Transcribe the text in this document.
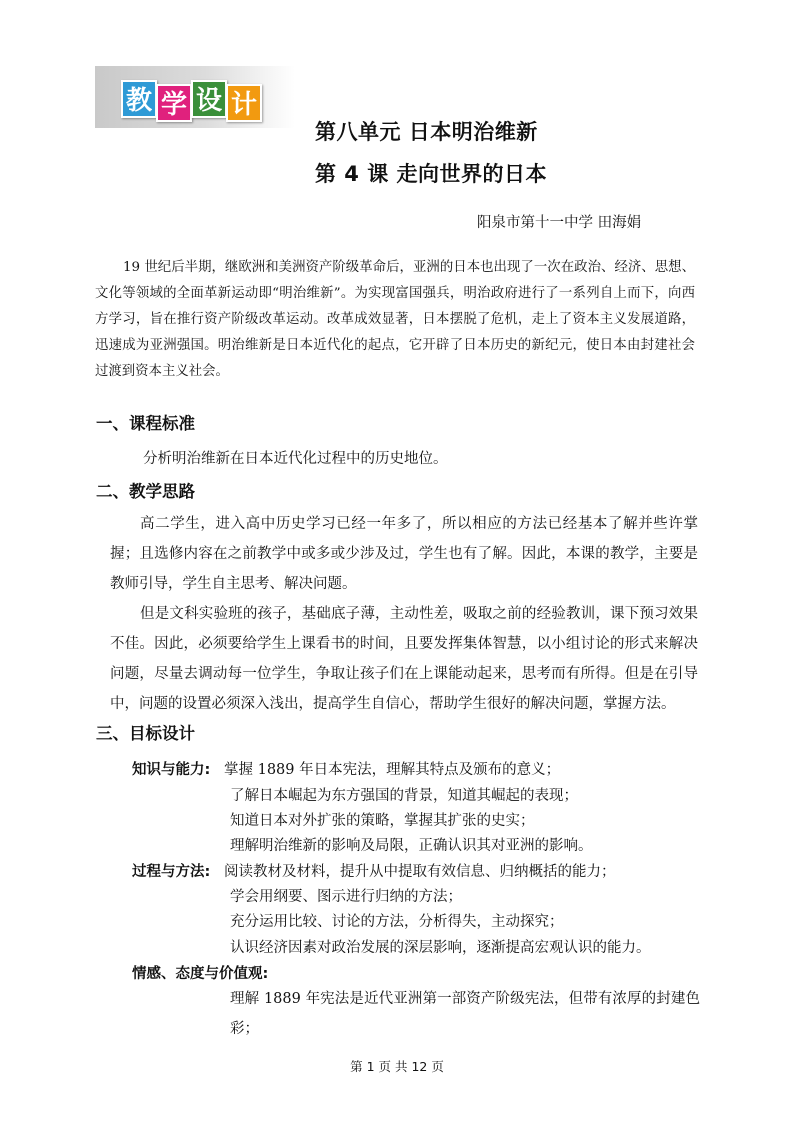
教 学 设 计
第八单元 日本明治维新
第 4 课 走向世界的日本
阳泉市第十一中学 田海娟

19 世纪后半期，继欧洲和美洲资产阶级革命后，亚洲的日本也出现了一次在政治、经济、思想、文化等领域的全面革新运动即“明治维新”。为实现富国强兵，明治政府进行了一系列自上而下，向西方学习，旨在推行资产阶级改革运动。改革成效显著，日本摆脱了危机，走上了资本主义发展道路，迅速成为亚洲强国。明治维新是日本近代化的起点，它开辟了日本历史的新纪元，使日本由封建社会过渡到资本主义社会。

一、课程标准
分析明治维新在日本近代化过程中的历史地位。
二、教学思路

高二学生，进入高中历史学习已经一年多了，所以相应的方法已经基本了解并些许掌握；且选修内容在之前教学中或多或少涉及过，学生也有了解。因此，本课的教学，主要是教师引导，学生自主思考、解决问题。

但是文科实验班的孩子，基础底子薄，主动性差，吸取之前的经验教训，课下预习效果不佳。因此，必须要给学生上课看书的时间，且要发挥集体智慧，以小组讨论的形式来解决问题，尽量去调动每一位学生，争取让孩子们在上课能动起来，思考而有所得。但是在引导中，问题的设置必须深入浅出，提高学生自信心，帮助学生很好的解决问题，掌握方法。

三、目标设计
知识与能力: 掌握 1889 年日本宪法，理解其特点及颁布的意义；
了解日本崛起为东方强国的背景，知道其崛起的表现；
知道日本对外扩张的策略，掌握其扩张的史实；
理解明治维新的影响及局限，正确认识其对亚洲的影响。
过程与方法: 阅读教材及材料，提升从中提取有效信息、归纳概括的能力；
学会用纲要、图示进行归纳的方法；
充分运用比较、讨论的方法，分析得失，主动探究；
认识经济因素对政治发展的深层影响，逐渐提高宏观认识的能力。
情感、态度与价值观:
理解 1889 年宪法是近代亚洲第一部资产阶级宪法，但带有浓厚的封建色彩；
第 1 页 共 12 页
